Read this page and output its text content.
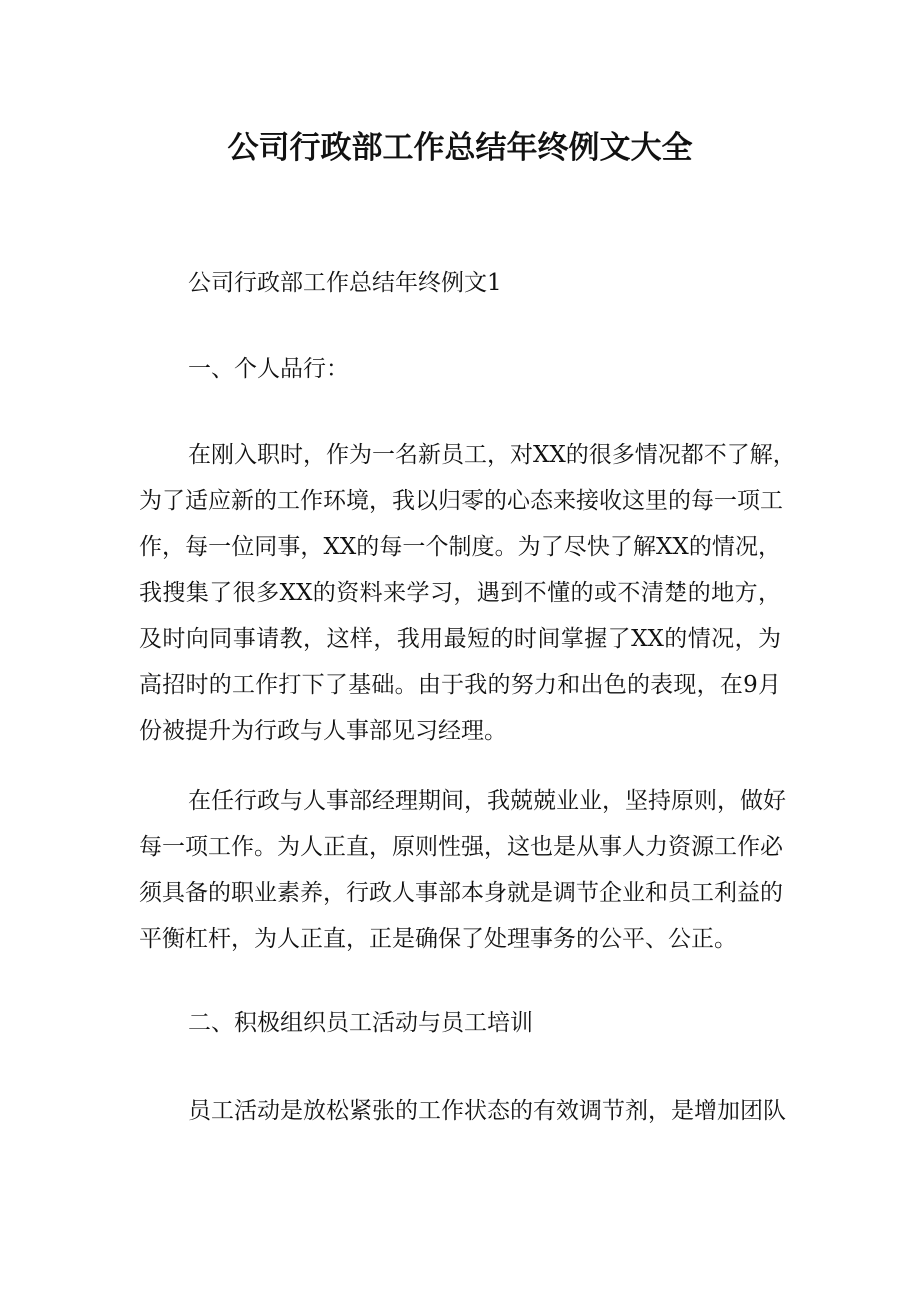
公司行政部工作总结年终例文大全
公司行政部工作总结年终例文1
一、个人品行：
在刚入职时，作为一名新员工，对XX的很多情况都不了解，
为了适应新的工作环境，我以归零的心态来接收这里的每一项工
作，每一位同事，XX的每一个制度。为了尽快了解XX的情况，
我搜集了很多XX的资料来学习，遇到不懂的或不清楚的地方，
及时向同事请教，这样，我用最短的时间掌握了XX的情况，为
高招时的工作打下了基础。由于我的努力和出色的表现，在9月
份被提升为行政与人事部见习经理。
在任行政与人事部经理期间，我兢兢业业，坚持原则，做好
每一项工作。为人正直，原则性强，这也是从事人力资源工作必
须具备的职业素养，行政人事部本身就是调节企业和员工利益的
平衡杠杆，为人正直，正是确保了处理事务的公平、公正。
二、积极组织员工活动与员工培训
员工活动是放松紧张的工作状态的有效调节剂，是增加团队
